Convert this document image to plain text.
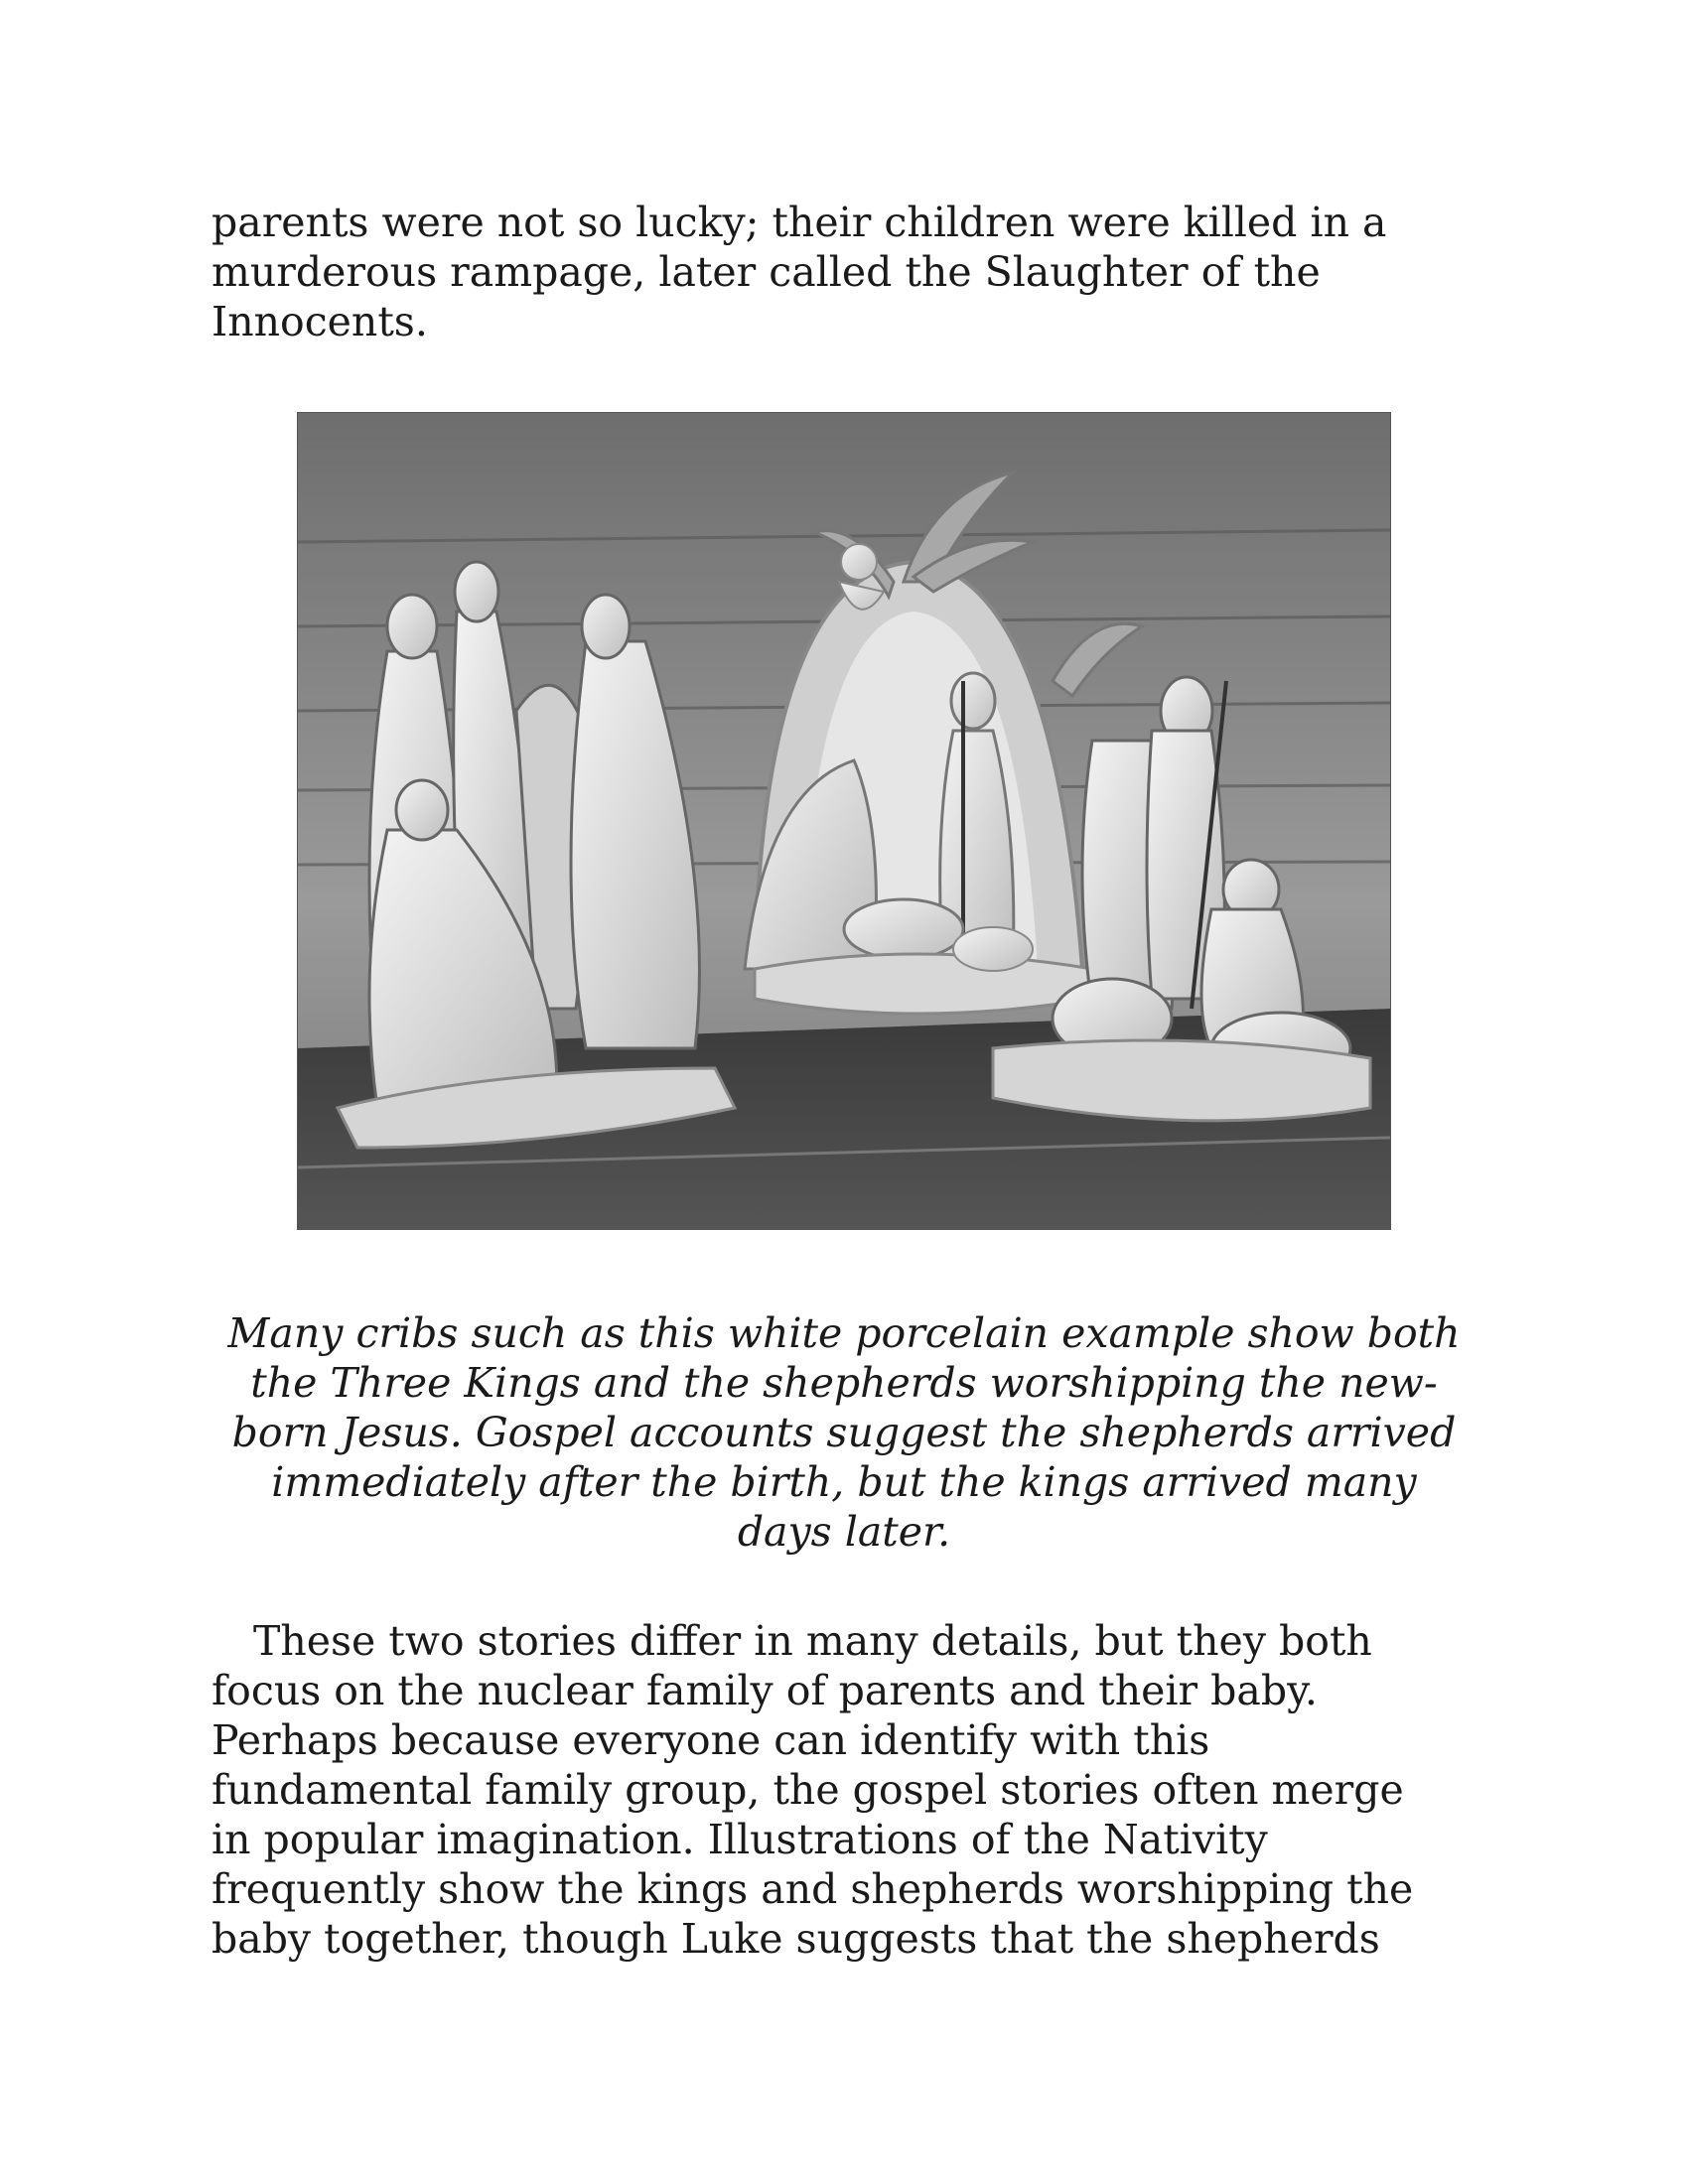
parents were not so lucky; their children were killed in a
murderous rampage, later called the Slaughter of the
Innocents.

Many cribs such as this white porcelain example show both
the Three Kings and the shepherds worshipping the new-
born Jesus. Gospel accounts suggest the shepherds arrived
immediately after the birth, but the kings arrived many
days later.

These two stories differ in many details, but they both
focus on the nuclear family of parents and their baby.
Perhaps because everyone can identify with this
fundamental family group, the gospel stories often merge
in popular imagination. Illustrations of the Nativity
frequently show the kings and shepherds worshipping the
baby together, though Luke suggests that the shepherds
